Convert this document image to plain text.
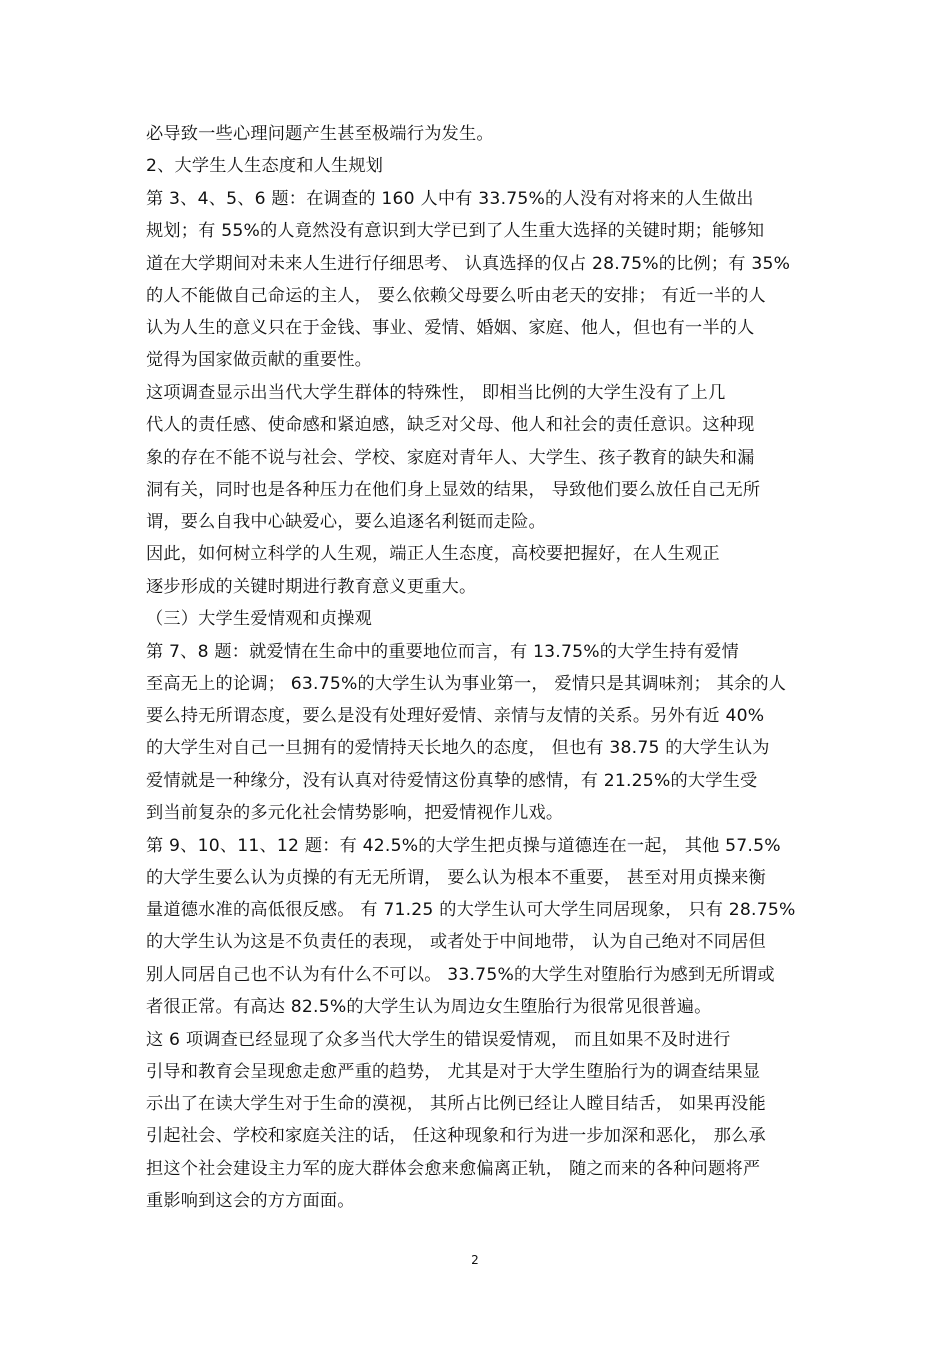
必导致一些心理问题产生甚至极端行为发生。
2、大学生人生态度和人生规划
第 3、4、5、6 题：在调查的 160 人中有 33.75%的人没有对将来的人生做出
规划；有 55%的人竟然没有意识到大学已到了人生重大选择的关键时期；能够知
道在大学期间对未来人生进行仔细思考、 认真选择的仅占 28.75%的比例；有 35%
的人不能做自己命运的主人， 要么依赖父母要么听由老天的安排； 有近一半的人
认为人生的意义只在于金钱、事业、爱情、婚姻、家庭、他人，但也有一半的人
觉得为国家做贡献的重要性。
这项调查显示出当代大学生群体的特殊性， 即相当比例的大学生没有了上几
代人的责任感、使命感和紧迫感，缺乏对父母、他人和社会的责任意识。这种现
象的存在不能不说与社会、学校、家庭对青年人、大学生、孩子教育的缺失和漏
洞有关，同时也是各种压力在他们身上显效的结果， 导致他们要么放任自己无所
谓，要么自我中心缺爱心，要么追逐名利铤而走险。
因此，如何树立科学的人生观，端正人生态度，高校要把握好，在人生观正
逐步形成的关键时期进行教育意义更重大。
（三）大学生爱情观和贞操观
第 7、8 题：就爱情在生命中的重要地位而言，有 13.75%的大学生持有爱情
至高无上的论调； 63.75%的大学生认为事业第一， 爱情只是其调味剂； 其余的人
要么持无所谓态度，要么是没有处理好爱情、亲情与友情的关系。另外有近 40%
的大学生对自己一旦拥有的爱情持天长地久的态度， 但也有 38.75 的大学生认为
爱情就是一种缘分，没有认真对待爱情这份真挚的感情，有 21.25%的大学生受
到当前复杂的多元化社会情势影响，把爱情视作儿戏。
第 9、10、11、12 题：有 42.5%的大学生把贞操与道德连在一起， 其他 57.5%
的大学生要么认为贞操的有无无所谓， 要么认为根本不重要， 甚至对用贞操来衡
量道德水准的高低很反感。 有 71.25 的大学生认可大学生同居现象， 只有 28.75%
的大学生认为这是不负责任的表现， 或者处于中间地带， 认为自己绝对不同居但
别人同居自己也不认为有什么不可以。 33.75%的大学生对堕胎行为感到无所谓或
者很正常。有高达 82.5%的大学生认为周边女生堕胎行为很常见很普遍。
这 6 项调查已经显现了众多当代大学生的错误爱情观， 而且如果不及时进行
引导和教育会呈现愈走愈严重的趋势， 尤其是对于大学生堕胎行为的调查结果显
示出了在读大学生对于生命的漠视， 其所占比例已经让人瞠目结舌， 如果再没能
引起社会、学校和家庭关注的话， 任这种现象和行为进一步加深和恶化， 那么承
担这个社会建设主力军的庞大群体会愈来愈偏离正轨， 随之而来的各种问题将严
重影响到这会的方方面面。
2
